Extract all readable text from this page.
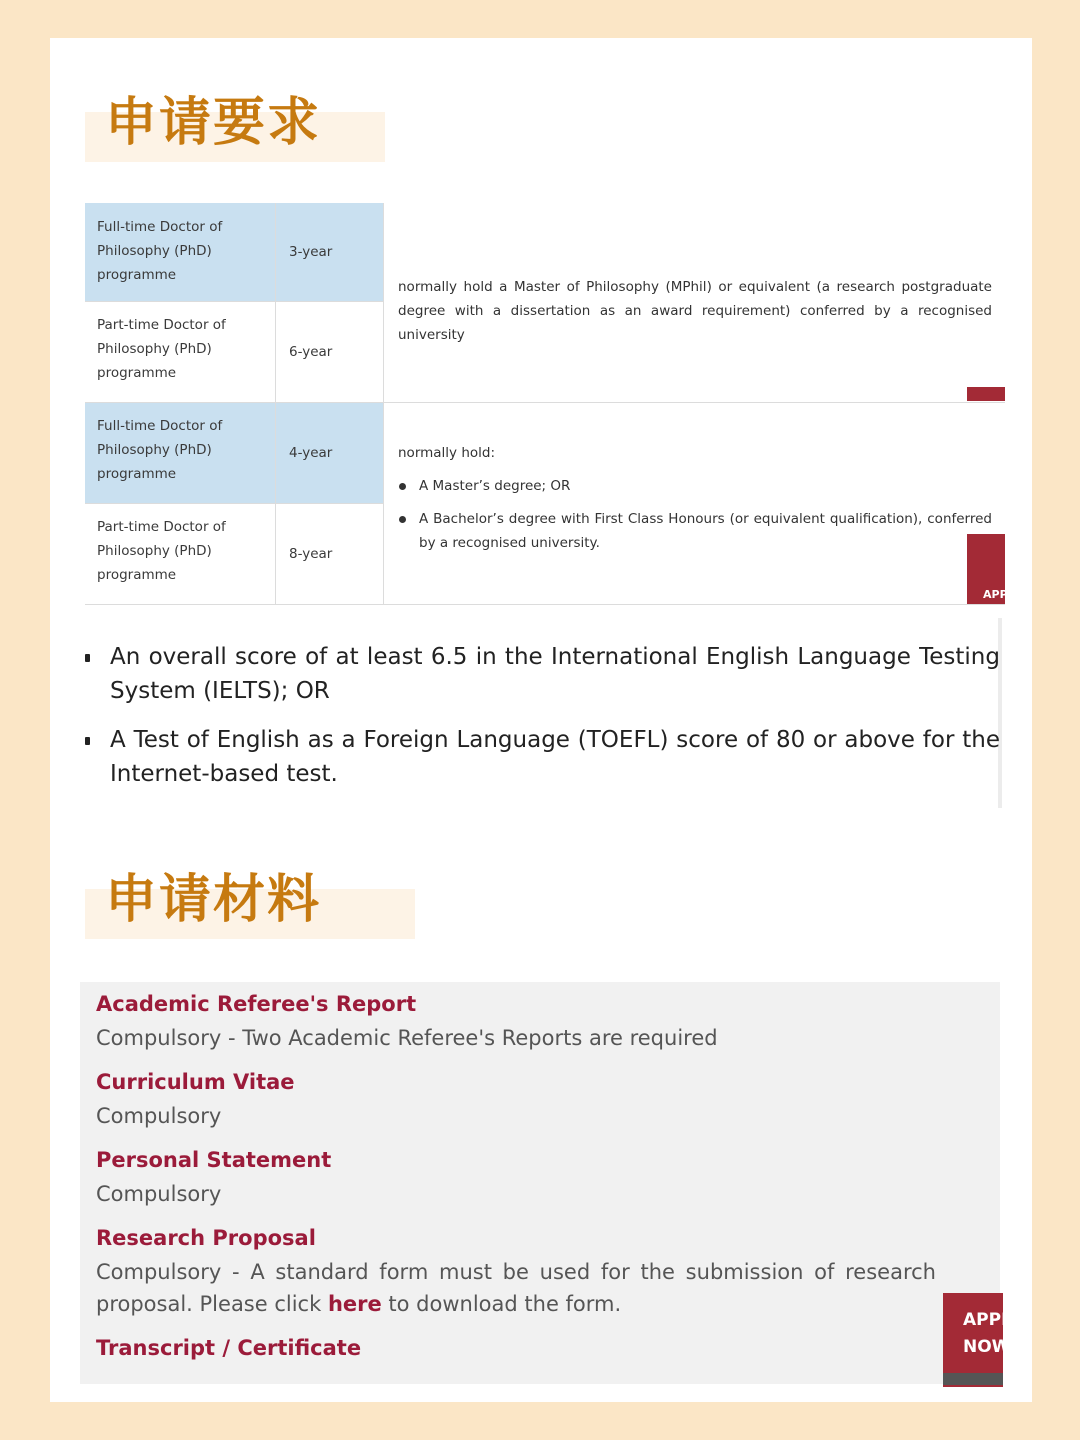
申请要求
Full-time Doctor of Philosophy (PhD) programme
3-year
Part-time Doctor of Philosophy (PhD) programme
6-year
Full-time Doctor of Philosophy (PhD) programme
4-year
Part-time Doctor of Philosophy (PhD) programme
8-year
normally hold a Master of Philosophy (MPhil) or equivalent (a research postgraduate degree with a dissertation as an award requirement) conferred by a recognised university
normally hold:
A Master’s degree; OR
A Bachelor’s degree with First Class Honours (or equivalent qualification), conferred by a recognised university.
APP
An overall score of at least 6.5 in the International English Language Testing System (IELTS); OR
A Test of English as a Foreign Language (TOEFL) score of 80 or above for the Internet-based test.
申请材料
Academic Referee's Report
Compulsory - Two Academic Referee's Reports are required
Curriculum Vitae
Compulsory
Personal Statement
Compulsory
Research Proposal
Compulsory - A standard form must be used for the submission of research proposal. Please click here to download the form.
Transcript / Certificate
APPLY
NOW
